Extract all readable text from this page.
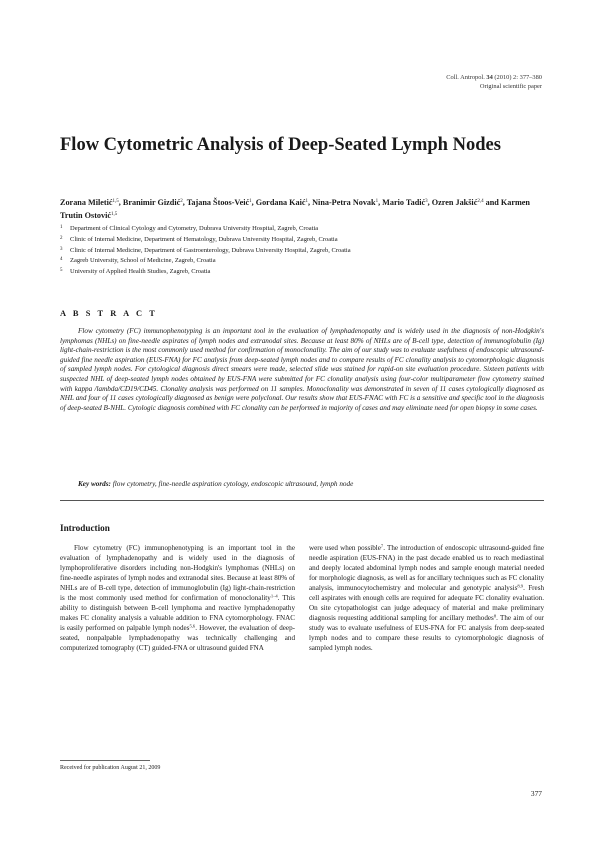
Coll. Antropol. 34 (2010) 2: 377–380
Original scientific paper
Flow Cytometric Analysis of Deep-Seated Lymph Nodes

Zorana Miletić$^{1,5}$, Branimir Gizdić$^2$, Tajana Štoos-Veić$^1$, Gordana Kaić$^1$, Nina-Petra Novak$^1$, Mario Tadić$^3$, Ozren Jakšić$^{2,4}$ and Karmen Trutin Ostović$^{1,5}$

1 Department of Clinical Cytology and Cytometry, Dubrava University Hospital, Zagreb, Croatia
2 Clinic of Internal Medicine, Department of Hematology, Dubrava University Hospital, Zagreb, Croatia
3 Clinic of Internal Medicine, Department of Gastroenterology, Dubrava University Hospital, Zagreb, Croatia
4 Zagreb University, School of Medicine, Zagreb, Croatia
5 University of Applied Health Studies, Zagreb, Croatia
A B S T R A C T

Flow cytometry (FC) immunophenotyping is an important tool in the evaluation of lymphadenopathy and is widely used in the diagnosis of non-Hodgkin's lymphomas (NHLs) on fine-needle aspirates of lymph nodes and extranodal sites. Because at least 80% of NHLs are of B-cell type, detection of immunoglobulin (Ig) light-chain-restriction is the most commonly used method for confirmation of monoclonality. The aim of our study was to evaluate usefulness of endoscopic ultrasound-guided fine needle aspiration (EUS-FNA) for FC analysis from deep-seated lymph nodes and to compare results of FC clonality analysis to cytomorphologic diagnosis of sampled lymph nodes. For cytological diagnosis direct smears were made, selected slide was stained for rapid-on site evaluation procedure. Sixteen patients with suspected NHL of deep-seated lymph nodes obtained by EUS-FNA were submitted for FC clonality analysis using four-color multiparameter flow cytometry stained with kappa /lambda/CD19/CD45. Clonality analysis was performed on 11 samples. Monoclonality was demonstrated in seven of 11 cases cytologically diagnosed as NHL and four of 11 cases cytologically diagnosed as benign were polyclonal. Our results show that EUS-FNAC with FC is a sensitive and specific tool in the diagnosis of deep-seated B-NHL. Cytologic diagnosis combined with FC clonality can be performed in majority of cases and may eliminate need for open biopsy in some cases.

Key words: flow cytometry, fine-needle aspiration cytology, endoscopic ultrasound, lymph node

Introduction

Flow cytometry (FC) immunophenotyping is an important tool in the evaluation of lymphadenopathy and is widely used in the diagnosis of lymphoproliferative disorders including non-Hodgkin's lymphomas (NHLs) on fine-needle aspirates of lymph nodes and extranodal sites. Because at least 80% of NHLs are of B-cell type, detection of immunoglobulin (Ig) light-chain-restriction is the most commonly used method for confirmation of monoclonality$^{1-4}$. This ability to distinguish between B-cell lymphoma and reactive lymphadenopathy makes FC clonality analysis a valuable addition to FNA cytomorphology. FNAC is easily performed on palpable lymph nodes$^{5,6}$. However, the evaluation of deep-seated, nonpalpable lymphadenopathy was technically challenging and computerized tomography (CT) guided-FNA or ultrasound guided FNA

were used when possible$^7$. The introduction of endoscopic ultrasound-guided fine needle aspiration (EUS-FNA) in the past decade enabled us to reach mediastinal and deeply located abdominal lymph nodes and sample enough material needed for morphologic diagnosis, as well as for ancillary techniques such as FC clonality analysis, immunocytochemistry and molecular and genotypic analysis$^{8,9}$. Fresh cell aspirates with enough cells are required for adequate FC clonality evaluation. On site cytopathologist can judge adequacy of material and make preliminary diagnosis requesting additional sampling for ancillary methodes$^8$. The aim of our study was to evaluate usefulness of EUS-FNA for FC analysis from deep-seated lymph nodes and to compare these results to cytomorphologic diagnosis of sampled lymph nodes.

Received for publication August 21, 2009

377
